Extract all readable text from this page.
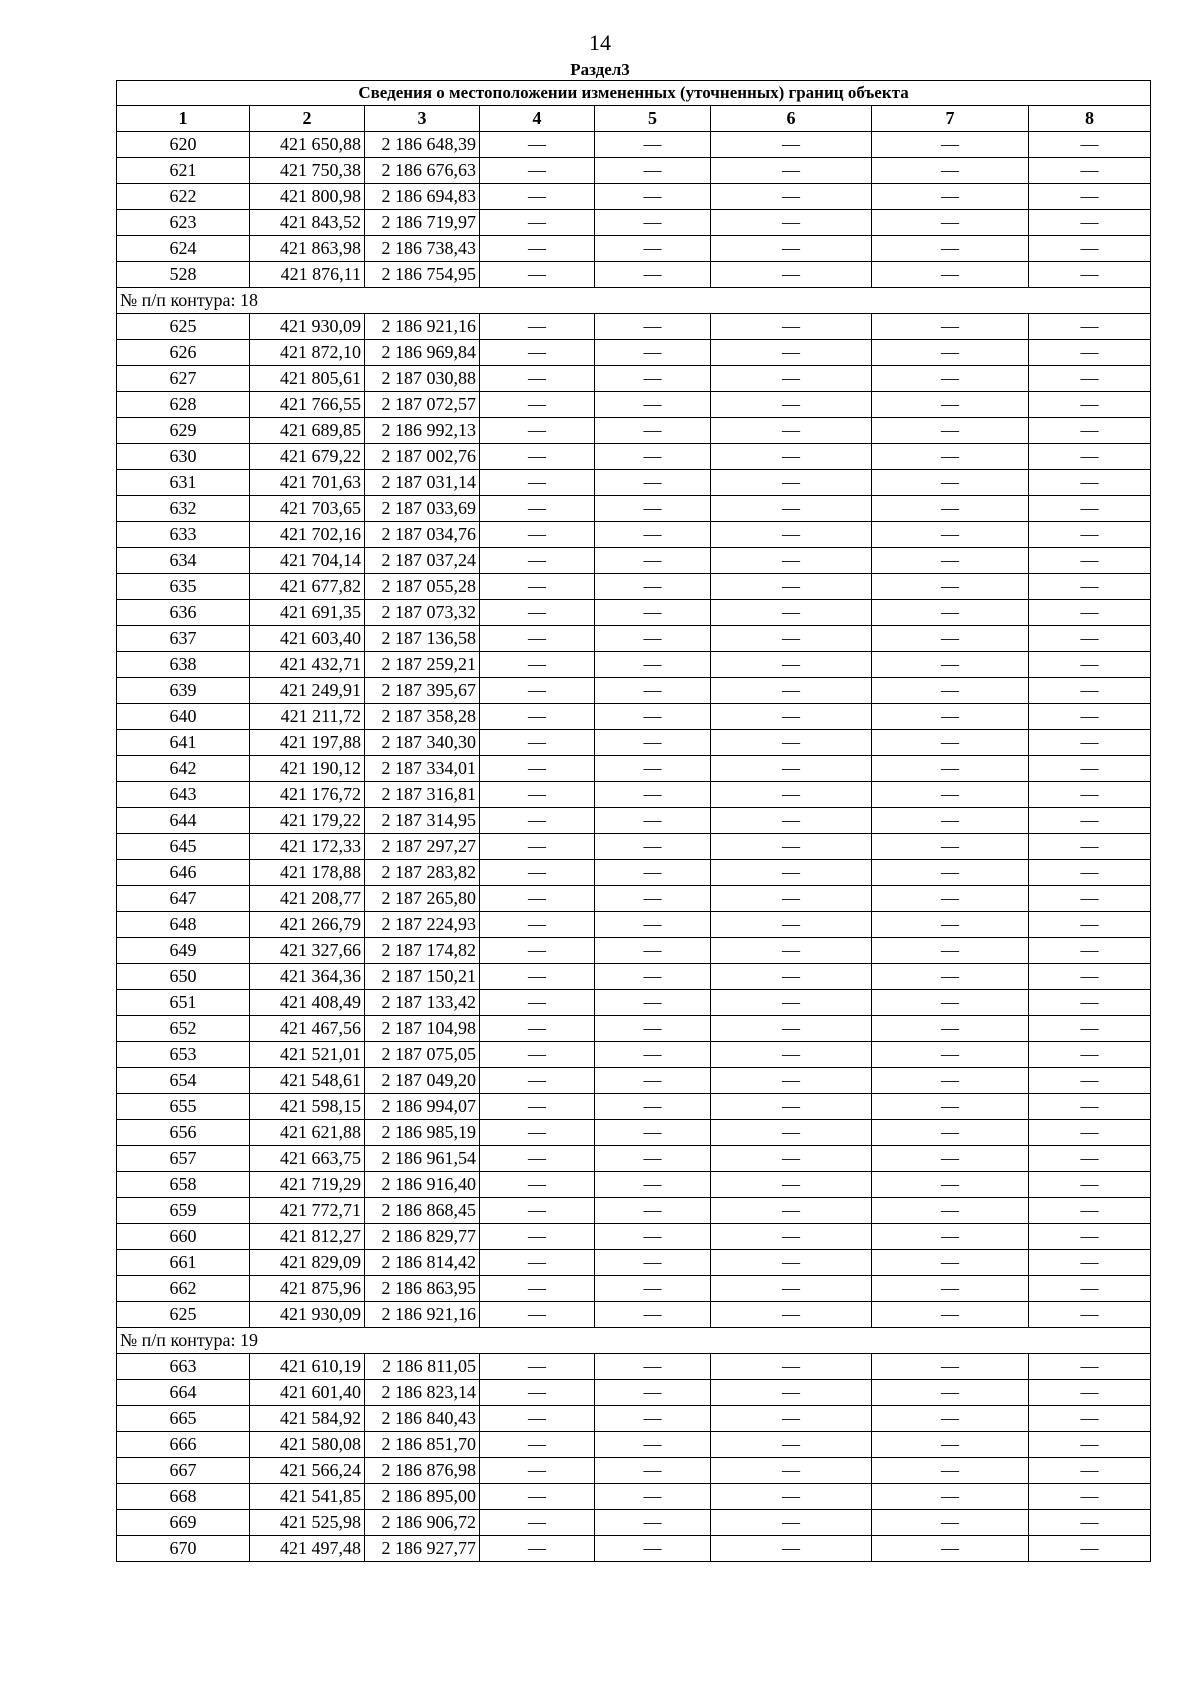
14
Раздел3
Сведения о местоположении измененных (уточненных) границ объекта							
1	2	3	4	5	6	7	8
620	421 650,88	2 186 648,39	—	—	—	—	—
621	421 750,38	2 186 676,63	—	—	—	—	—
622	421 800,98	2 186 694,83	—	—	—	—	—
623	421 843,52	2 186 719,97	—	—	—	—	—
624	421 863,98	2 186 738,43	—	—	—	—	—
528	421 876,11	2 186 754,95	—	—	—	—	—
№ п/п контура: 18							
625	421 930,09	2 186 921,16	—	—	—	—	—
626	421 872,10	2 186 969,84	—	—	—	—	—
627	421 805,61	2 187 030,88	—	—	—	—	—
628	421 766,55	2 187 072,57	—	—	—	—	—
629	421 689,85	2 186 992,13	—	—	—	—	—
630	421 679,22	2 187 002,76	—	—	—	—	—
631	421 701,63	2 187 031,14	—	—	—	—	—
632	421 703,65	2 187 033,69	—	—	—	—	—
633	421 702,16	2 187 034,76	—	—	—	—	—
634	421 704,14	2 187 037,24	—	—	—	—	—
635	421 677,82	2 187 055,28	—	—	—	—	—
636	421 691,35	2 187 073,32	—	—	—	—	—
637	421 603,40	2 187 136,58	—	—	—	—	—
638	421 432,71	2 187 259,21	—	—	—	—	—
639	421 249,91	2 187 395,67	—	—	—	—	—
640	421 211,72	2 187 358,28	—	—	—	—	—
641	421 197,88	2 187 340,30	—	—	—	—	—
642	421 190,12	2 187 334,01	—	—	—	—	—
643	421 176,72	2 187 316,81	—	—	—	—	—
644	421 179,22	2 187 314,95	—	—	—	—	—
645	421 172,33	2 187 297,27	—	—	—	—	—
646	421 178,88	2 187 283,82	—	—	—	—	—
647	421 208,77	2 187 265,80	—	—	—	—	—
648	421 266,79	2 187 224,93	—	—	—	—	—
649	421 327,66	2 187 174,82	—	—	—	—	—
650	421 364,36	2 187 150,21	—	—	—	—	—
651	421 408,49	2 187 133,42	—	—	—	—	—
652	421 467,56	2 187 104,98	—	—	—	—	—
653	421 521,01	2 187 075,05	—	—	—	—	—
654	421 548,61	2 187 049,20	—	—	—	—	—
655	421 598,15	2 186 994,07	—	—	—	—	—
656	421 621,88	2 186 985,19	—	—	—	—	—
657	421 663,75	2 186 961,54	—	—	—	—	—
658	421 719,29	2 186 916,40	—	—	—	—	—
659	421 772,71	2 186 868,45	—	—	—	—	—
660	421 812,27	2 186 829,77	—	—	—	—	—
661	421 829,09	2 186 814,42	—	—	—	—	—
662	421 875,96	2 186 863,95	—	—	—	—	—
625	421 930,09	2 186 921,16	—	—	—	—	—
№ п/п контура: 19							
663	421 610,19	2 186 811,05	—	—	—	—	—
664	421 601,40	2 186 823,14	—	—	—	—	—
665	421 584,92	2 186 840,43	—	—	—	—	—
666	421 580,08	2 186 851,70	—	—	—	—	—
667	421 566,24	2 186 876,98	—	—	—	—	—
668	421 541,85	2 186 895,00	—	—	—	—	—
669	421 525,98	2 186 906,72	—	—	—	—	—
670	421 497,48	2 186 927,77	—	—	—	—	—
